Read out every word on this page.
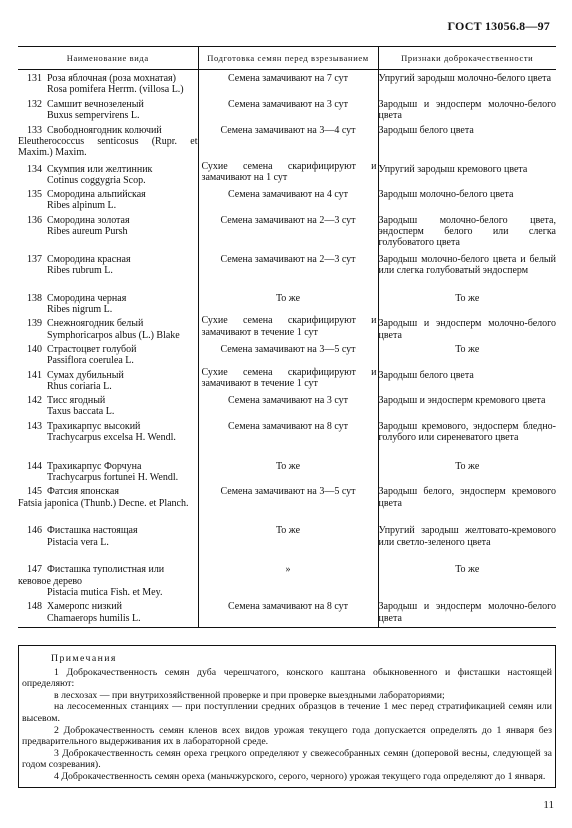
ГОСТ 13056.8—97
Наименование вида	Подготовка семян перед взрезыванием	Признаки доброкачественности
131 Роза яблочная (роза мохнатая)
Rosa pomifera Herrm. (villosa L.)	Семена замачивают на 7 сут	Упругий зародыш молочно-белого цвета
132 Самшит вечнозеленый
Buxus sempervirens L.	Семена замачивают на 3 сут	Зародыш и эндосперм молочно-белого цвета
133 Свободноягодник колючий
Eleutherococcus senticosus (Rupr. et Maxim.) Maxim.	Семена замачивают на 3—4 сут	Зародыш белого цвета
134 Скумпия или желтинник
Cotinus coggygria Scop.	Сухие семена скарифицируют и замачивают на 1 сут	Упругий зародыш кремового цвета
135 Смородина альпийская
Ribes alpinum L.	Семена замачивают на 4 сут	Зародыш молочно-белого цвета
136 Смородина золотая
Ribes aureum Pursh	Семена замачивают на 2—3 сут	Зародыш молочно-белого цвета, эндосперм белого или слегка голубоватого цвета
137 Смородина красная
Ribes rubrum L.	Семена замачивают на 2—3 сут	Зародыш молочно-белого цвета и белый или слегка голубоватый эндосперм
138 Смородина черная
Ribes nigrum L.	То же	То же
139 Снежноягодник белый
Symphoricarpos albus (L.) Blake	Сухие семена скарифицируют и замачивают в течение 1 сут	Зародыш и эндосперм молочно-белого цвета
140 Страстоцвет голубой
Passiflora coerulea L.	Семена замачивают на 3—5 сут	То же
141 Сумах дубильный
Rhus coriaria L.	Сухие семена скарифицируют и замачивают в течение 1 сут	Зародыш белого цвета
142 Тисс ягодный
Taxus baccata L.	Семена замачивают на 3 сут	Зародыш и эндосперм кремового цвета
143 Трахикарпус высокий
Trachycarpus excelsa H. Wendl.	Семена замачивают на 8 сут	Зародыш кремового, эндосперм бледно-голубого или сиреневатого цвета
144 Трахикарпус Форчуна
Trachycarpus fortunei H. Wendl.	То же	То же
145 Фатсия японская
Fatsia japonica (Thunb.) Decne. et Planch.	Семена замачивают на 3—5 сут	Зародыш белого, эндосперм кремового цвета
146 Фисташка настоящая
Pistacia vera L.	То же	Упругий зародыш желтовато-кремового или светло-зеленого цвета
147 Фисташка туполистная или кевовое дерево
Pistacia mutica Fish. et Mey.	»	То же
148 Хамеропс низкий
Chamaerops humilis L.	Семена замачивают на 8 сут	Зародыш и эндосперм молочно-белого цвета
Примечания

1 Доброкачественность семян дуба черешчатого, конского каштана обыкновенного и фисташки настоящей определяют:

в лесхозах — при внутрихозяйственной проверке и при проверке выездными лабораториями;

на лесосеменных станциях — при поступлении средних образцов в течение 1 мес перед стратификацией семян или высевом.

2 Доброкачественность семян кленов всех видов урожая текущего года допускается определять до 1 января без предварительного выдерживания их в лабораторной среде.

3 Доброкачественность семян ореха грецкого определяют у свежесобранных семян (доперовой весны, следующей за годом созревания).

4 Доброкачественность семян ореха (маньчжурского, серого, черного) урожая текущего года определяют до 1 января.

11
